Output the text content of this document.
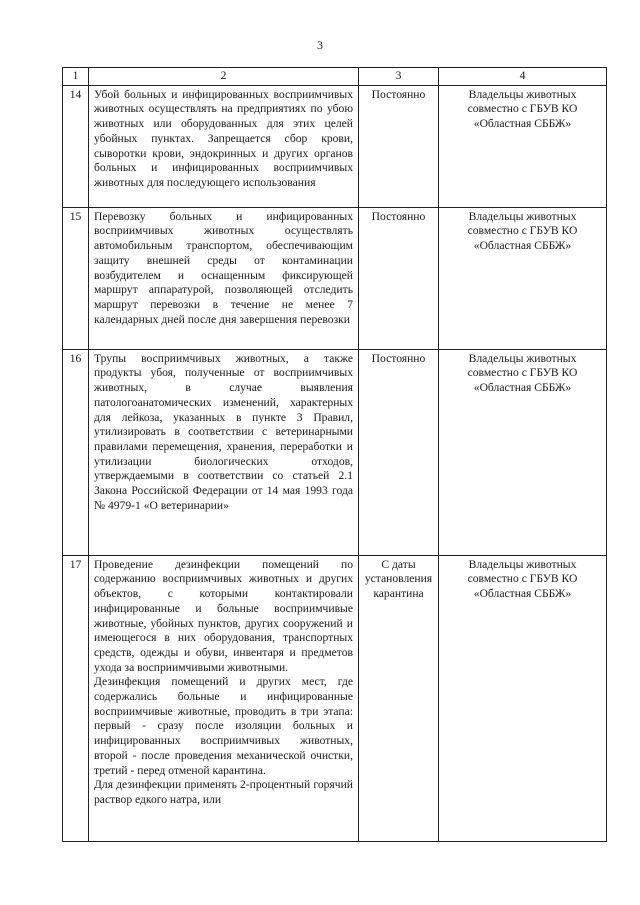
3
1	2	3	4
14	Убой больных и инфицированных восприимчивых животных осуществлять на предприятиях по убою животных или оборудованных для этих целей убойных пунктах. Запрещается сбор крови, сыворотки крови, эндокринных и других органов больных и инфицированных восприимчивых животных для последующего использования	Постоянно	Владельцы животных совместно с ГБУВ КО «Областная СББЖ»
15	Перевозку больных и инфицированных восприимчивых животных осуществлять автомобильным транспортом, обеспечивающим защиту внешней среды от контаминации возбудителем и оснащенным фиксирующей маршрут аппаратурой, позволяющей отследить маршрут перевозки в течение не менее 7 календарных дней после дня завершения перевозки	Постоянно	Владельцы животных совместно с ГБУВ КО «Областная СББЖ»
16	Трупы восприимчивых животных, а также продукты убоя, полученные от восприимчивых животных, в случае выявления патологоанатомических изменений, характерных для лейкоза, указанных в пункте 3 Правил, утилизировать в соответствии с ветеринарными правилами перемещения, хранения, переработки и утилизации биологических отходов, утверждаемыми в соответствии со статьей 2.1 Закона Российской Федерации от 14 мая 1993 года № 4979-1 «О ветеринарии»	Постоянно	Владельцы животных совместно с ГБУВ КО «Областная СББЖ»
17	Проведение дезинфекции помещений по содержанию восприимчивых животных и других объектов, с которыми контактировали инфицированные и больные восприимчивые животные, убойных пунктов, других сооружений и имеющегося в них оборудования, транспортных средств, одежды и обуви, инвентаря и предметов ухода за восприимчивыми животными.
Дезинфекция помещений и других мест, где содержались больные и инфицированные восприимчивые животные, проводить в три этапа: первый - сразу после изоляции больных и инфицированных восприимчивых животных, второй - после проведения механической очистки, третий - перед отменой карантина.
Для дезинфекции применять 2-процентный горячий раствор едкого натра, или	С даты установления карантина	Владельцы животных совместно с ГБУВ КО «Областная СББЖ»
